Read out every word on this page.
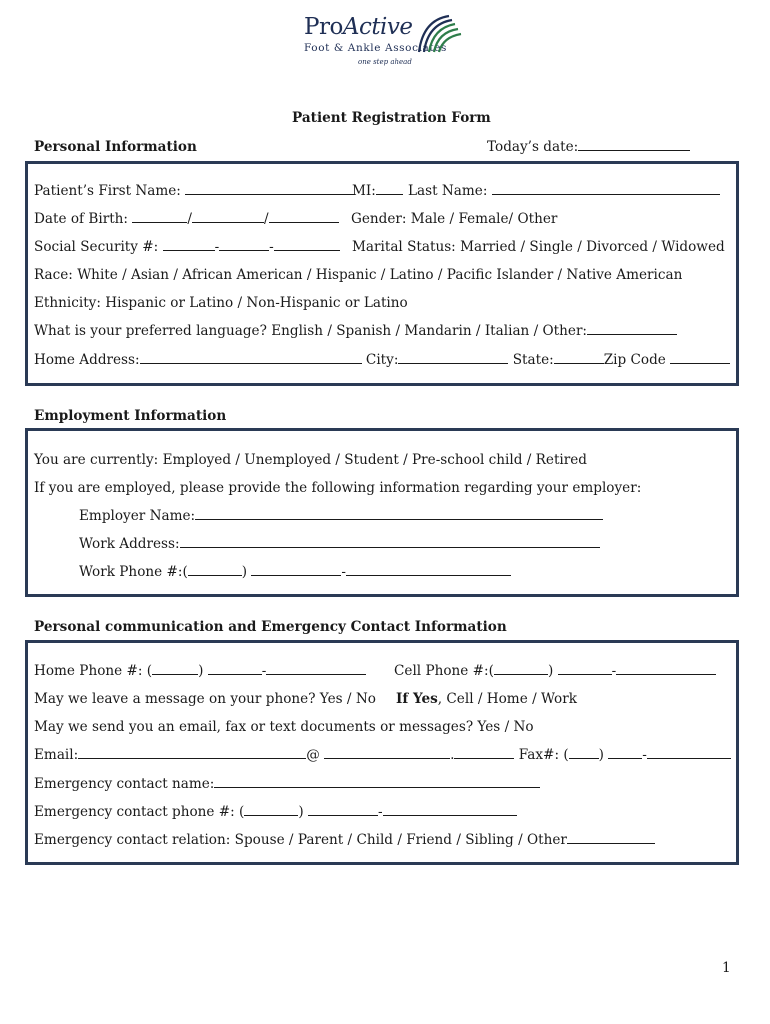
ProActive
Foot & Ankle Associates
one step ahead
Patient Registration Form
Personal Information	Today’s date:
Patient’s First Name:	MI:	Last Name:
Date of Birth:	/	/	Gender: Male / Female/ Other
Social Security #:	-	-	Marital Status: Married / Single / Divorced / Widowed
Race: White / Asian / African American / Hispanic / Latino / Pacific Islander / Native American
Ethnicity: Hispanic or Latino / Non-Hispanic or Latino
What is your preferred language? English / Spanish / Mandarin / Italian / Other:
Home Address:	City:	State:	Zip Code
Employment Information
You are currently: Employed / Unemployed / Student / Pre-school child / Retired
If you are employed, please provide the following information regarding your employer:
Employer Name:
Work Address:
Work Phone #:(	)	-
Personal communication and Emergency Contact Information
Home Phone #: (	)	-	Cell Phone #:(	)	-
May we leave a message on your phone? Yes / No If Yes, Cell / Home / Work
May we send you an email, fax or text documents or messages? Yes / No
Email:	@	.	Fax#: ( )	-
Emergency contact name:
Emergency contact phone #: (	)	-
Emergency contact relation: Spouse / Parent / Child / Friend / Sibling / Other
1
